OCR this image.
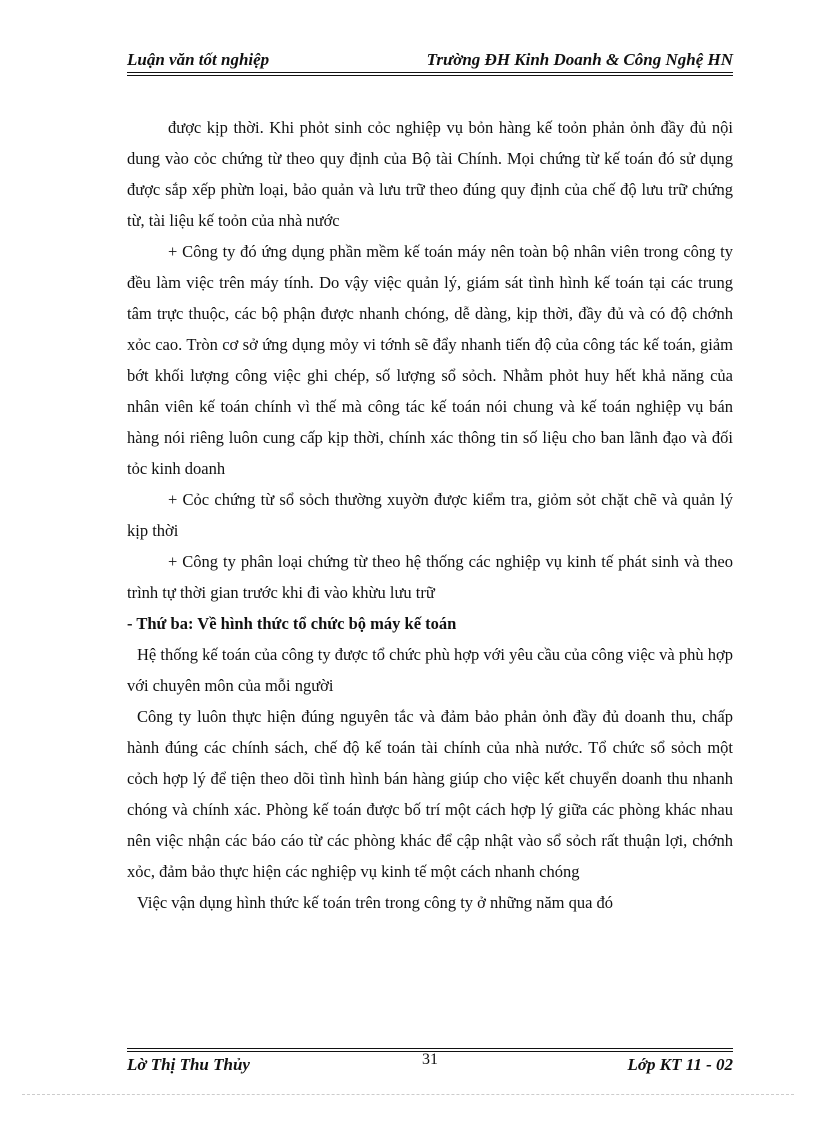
Luận văn tốt nghiệp	Trường ĐH Kinh Doanh & Công Nghệ HN

được kịp thời. Khi phỏt sinh cỏc nghiệp vụ bỏn hàng kế toỏn phản ỏnh đầy đủ nội dung vào cỏc chứng từ theo quy định của Bộ tài Chính. Mọi chứng từ kế toán đó sử dụng được sắp xếp phừn loại, bảo quản và lưu trữ theo đúng quy định của chế độ lưu trữ chứng từ, tài liệu kế toỏn của nhà nước

+ Công ty đó ứng dụng phần mềm kế toán máy nên toàn bộ nhân viên trong công ty đều làm việc trên máy tính. Do vậy việc quản lý, giám sát tình hình kế toán tại các trung tâm trực thuộc, các bộ phận được nhanh chóng, dễ dàng, kịp thời, đầy đủ và có độ chớnh xỏc cao. Tròn cơ sở ứng dụng mỏy vi tớnh sẽ đẩy nhanh tiến độ của công tác kế toán, giảm bớt khối lượng công việc ghi chép, số lượng sổ sỏch. Nhằm phỏt huy hết khả năng của nhân viên kế toán chính vì thế mà công tác kế toán nói chung và kế toán nghiệp vụ bán hàng nói riêng luôn cung cấp kịp thời, chính xác thông tin số liệu cho ban lãnh đạo và đối tỏc kinh doanh

+ Cỏc chứng từ sổ sỏch thường xuyờn được kiểm tra, giỏm sỏt chặt chẽ và quản lý kịp thời

+ Công ty phân loại chứng từ theo hệ thống các nghiệp vụ kinh tế phát sinh và theo trình tự thời gian trước khi đi vào khừu lưu trữ

- Thứ ba: Về hình thức tổ chức bộ máy kế toán

Hệ thống kế toán của công ty được tổ chức phù hợp với yêu cầu của công việc và phù hợp với chuyên môn của mỗi người

Công ty luôn thực hiện đúng nguyên tắc và đảm bảo phản ỏnh đầy đủ doanh thu, chấp hành đúng các chính sách, chế độ kế toán tài chính của nhà nước. Tổ chức sổ sỏch một cỏch hợp lý để tiện theo dõi tình hình bán hàng giúp cho việc kết chuyển doanh thu nhanh chóng và chính xác. Phòng kế toán được bố trí một cách hợp lý giữa các phòng khác nhau nên việc nhận các báo cáo từ các phòng khác để cập nhật vào sổ sỏch rất thuận lợi, chớnh xỏc, đảm bảo thực hiện các nghiệp vụ kinh tế một cách nhanh chóng

Việc vận dụng hình thức kế toán trên trong công ty ở những năm qua đó

Lờ Thị Thu Thủy	31	Lớp KT 11 - 02
